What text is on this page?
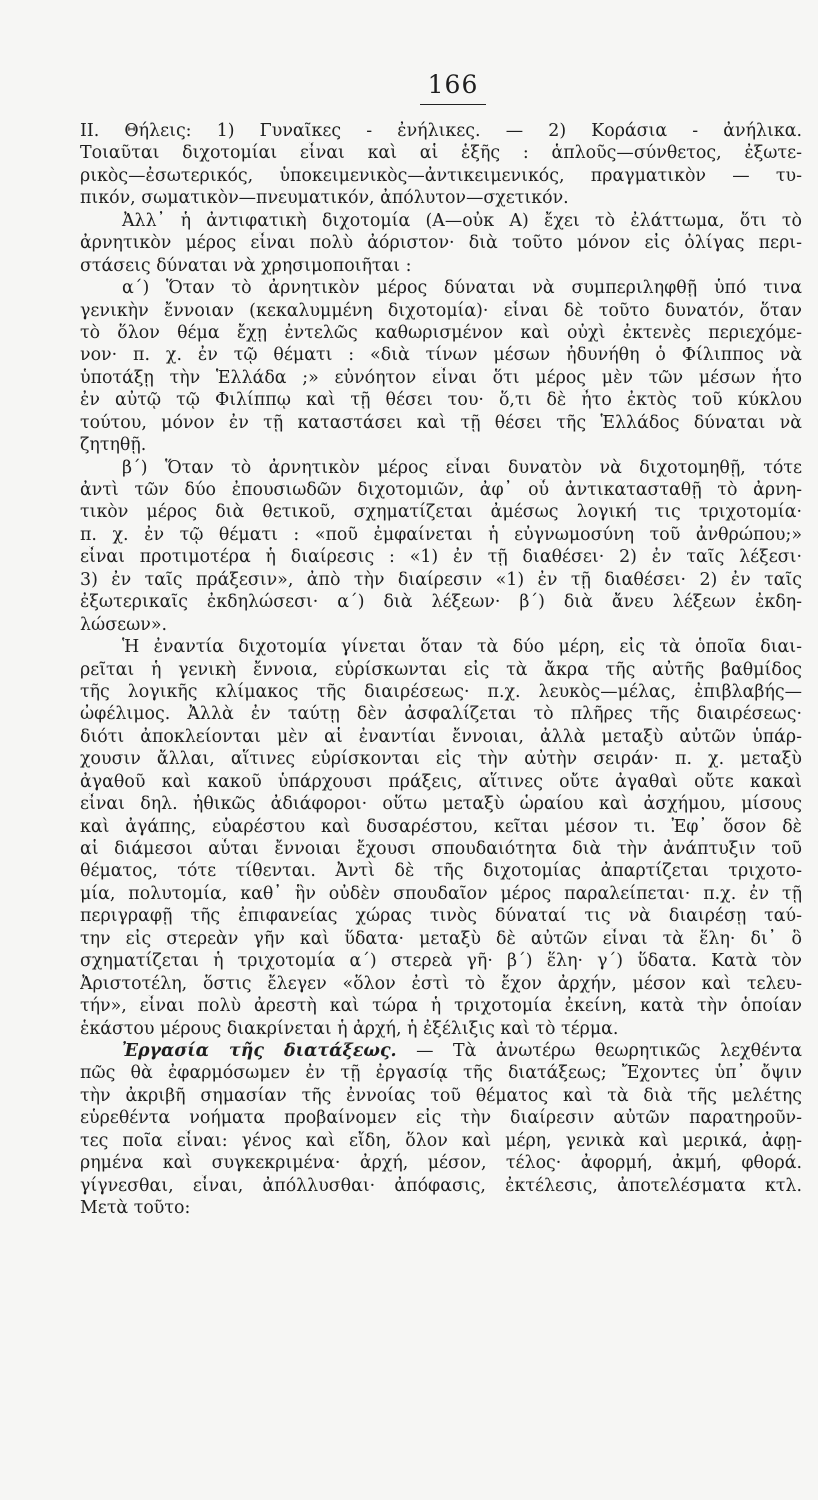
166
II. Θήλεις: 1) Γυναῖκες - ἐνήλικες. — 2) Κοράσια - ἀνήλικα.
Τοιαῦται διχοτομίαι εἶναι καὶ αἱ ἑξῆς : ἁπλοῦς—σύνθετος, ἐξωτε-
ρικὸς—ἐσωτερικός, ὑποκειμενικὸς—ἀντικειμενικός, πραγματικὸν — τυ-
πικόν, σωματικὸν—πνευματικόν, ἀπόλυτον—σχετικόν.
Ἀλλ᾽ ἡ ἀντιφατικὴ διχοτομία (Α—οὐκ Α) ἔχει τὸ ἐλάττωμα, ὅτι τὸ
ἀρνητικὸν μέρος εἶναι πολὺ ἀόριστον· διὰ τοῦτο μόνον εἰς ὀλίγας περι-
στάσεις δύναται νὰ χρησιμοποιῆται :
α´) Ὅταν τὸ ἀρνητικὸν μέρος δύναται νὰ συμπεριληφθῇ ὑπό τινα
γενικὴν ἔννοιαν (κεκαλυμμένη διχοτομία)· εἶναι δὲ τοῦτο δυνατόν, ὅταν
τὸ ὅλον θέμα ἔχῃ ἐντελῶς καθωρισμένον καὶ οὐχὶ ἐκτενὲς περιεχόμε-
νον· π. χ. ἐν τῷ θέματι : «διὰ τίνων μέσων ἠδυνήθη ὁ Φίλιππος νὰ
ὑποτάξῃ τὴν Ἑλλάδα ;» εὐνόητον εἶναι ὅτι μέρος μὲν τῶν μέσων ἦτο
ἐν αὐτῷ τῷ Φιλίππῳ καὶ τῇ θέσει του· ὅ,τι δὲ ἦτο ἐκτὸς τοῦ κύκλου
τούτου, μόνον ἐν τῇ καταστάσει καὶ τῇ θέσει τῆς Ἑλλάδος δύναται νὰ
ζητηθῇ.
β´) Ὅταν τὸ ἀρνητικὸν μέρος εἶναι δυνατὸν νὰ διχοτομηθῇ, τότε
ἀντὶ τῶν δύο ἐπουσιωδῶν διχοτομιῶν, ἀφ᾽ οὗ ἀντικατασταθῇ τὸ ἀρνη-
τικὸν μέρος διὰ θετικοῦ, σχηματίζεται ἀμέσως λογική τις τριχοτομία·
π. χ. ἐν τῷ θέματι : «ποῦ ἐμφαίνεται ἡ εὐγνωμοσύνη τοῦ ἀνθρώπου;»
εἶναι προτιμοτέρα ἡ διαίρεσις : «1) ἐν τῇ διαθέσει· 2) ἐν ταῖς λέξεσι·
3) ἐν ταῖς πράξεσιν», ἀπὸ τὴν διαίρεσιν «1) ἐν τῇ διαθέσει· 2) ἐν ταῖς
ἐξωτερικαῖς ἐκδηλώσεσι· α´) διὰ λέξεων· β´) διὰ ἄνευ λέξεων ἐκδη-
λώσεων».
Ἡ ἐναντία διχοτομία γίνεται ὅταν τὰ δύο μέρη, εἰς τὰ ὁποῖα διαι-
ρεῖται ἡ γενικὴ ἔννοια, εὑρίσκωνται εἰς τὰ ἄκρα τῆς αὐτῆς βαθμίδος
τῆς λογικῆς κλίμακος τῆς διαιρέσεως· π.χ. λευκὸς—μέλας, ἐπιβλαβής—
ὠφέλιμος. Ἀλλὰ ἐν ταύτῃ δὲν ἀσφαλίζεται τὸ πλῆρες τῆς διαιρέσεως·
διότι ἀποκλείονται μὲν αἱ ἐναντίαι ἔννοιαι, ἀλλὰ μεταξὺ αὐτῶν ὑπάρ-
χουσιν ἄλλαι, αἵτινες εὑρίσκονται εἰς τὴν αὐτὴν σειράν· π. χ. μεταξὺ
ἀγαθοῦ καὶ κακοῦ ὑπάρχουσι πράξεις, αἵτινες οὔτε ἀγαθαὶ οὔτε κακαὶ
εἶναι δηλ. ἠθικῶς ἀδιάφοροι· οὕτω μεταξὺ ὡραίου καὶ ἀσχήμου, μίσους
καὶ ἀγάπης, εὐαρέστου καὶ δυσαρέστου, κεῖται μέσον τι. Ἐφ᾽ ὅσον δὲ
αἱ διάμεσοι αὗται ἔννοιαι ἔχουσι σπουδαιότητα διὰ τὴν ἀνάπτυξιν τοῦ
θέματος, τότε τίθενται. Ἀντὶ δὲ τῆς διχοτομίας ἀπαρτίζεται τριχοτο-
μία, πολυτομία, καθ᾽ ἣν οὐδὲν σπουδαῖον μέρος παραλείπεται· π.χ. ἐν τῇ
περιγραφῇ τῆς ἐπιφανείας χώρας τινὸς δύναταί τις νὰ διαιρέσῃ ταύ-
την εἰς στερεὰν γῆν καὶ ὕδατα· μεταξὺ δὲ αὐτῶν εἶναι τὰ ἕλη· δι᾽ ὃ
σχηματίζεται ἡ τριχοτομία α´) στερεὰ γῆ· β´) ἕλη· γ´) ὕδατα. Κατὰ τὸν
Ἀριστοτέλη, ὅστις ἔλεγεν «ὅλον ἐστὶ τὸ ἔχον ἀρχήν, μέσον καὶ τελευ-
τήν», εἶναι πολὺ ἀρεστὴ καὶ τώρα ἡ τριχοτομία ἐκείνη, κατὰ τὴν ὁποίαν
ἑκάστου μέρους διακρίνεται ἡ ἀρχή, ἡ ἐξέλιξις καὶ τὸ τέρμα.
Ἐργασία τῆς διατάξεως. — Τὰ ἀνωτέρω θεωρητικῶς λεχθέντα
πῶς θὰ ἐφαρμόσωμεν ἐν τῇ ἐργασίᾳ τῆς διατάξεως; Ἔχοντες ὑπ᾽ ὄψιν
τὴν ἀκριβῆ σημασίαν τῆς ἐννοίας τοῦ θέματος καὶ τὰ διὰ τῆς μελέτης
εὑρεθέντα νοήματα προβαίνομεν εἰς τὴν διαίρεσιν αὐτῶν παρατηροῦν-
τες ποῖα εἶναι: γένος καὶ εἴδη, ὅλον καὶ μέρη, γενικὰ καὶ μερικά, ἀφῃ-
ρημένα καὶ συγκεκριμένα· ἀρχή, μέσον, τέλος· ἀφορμή, ἀκμή, φθορά.
γίγνεσθαι, εἶναι, ἀπόλλυσθαι· ἀπόφασις, ἐκτέλεσις, ἀποτελέσματα κτλ.
Μετὰ τοῦτο:
